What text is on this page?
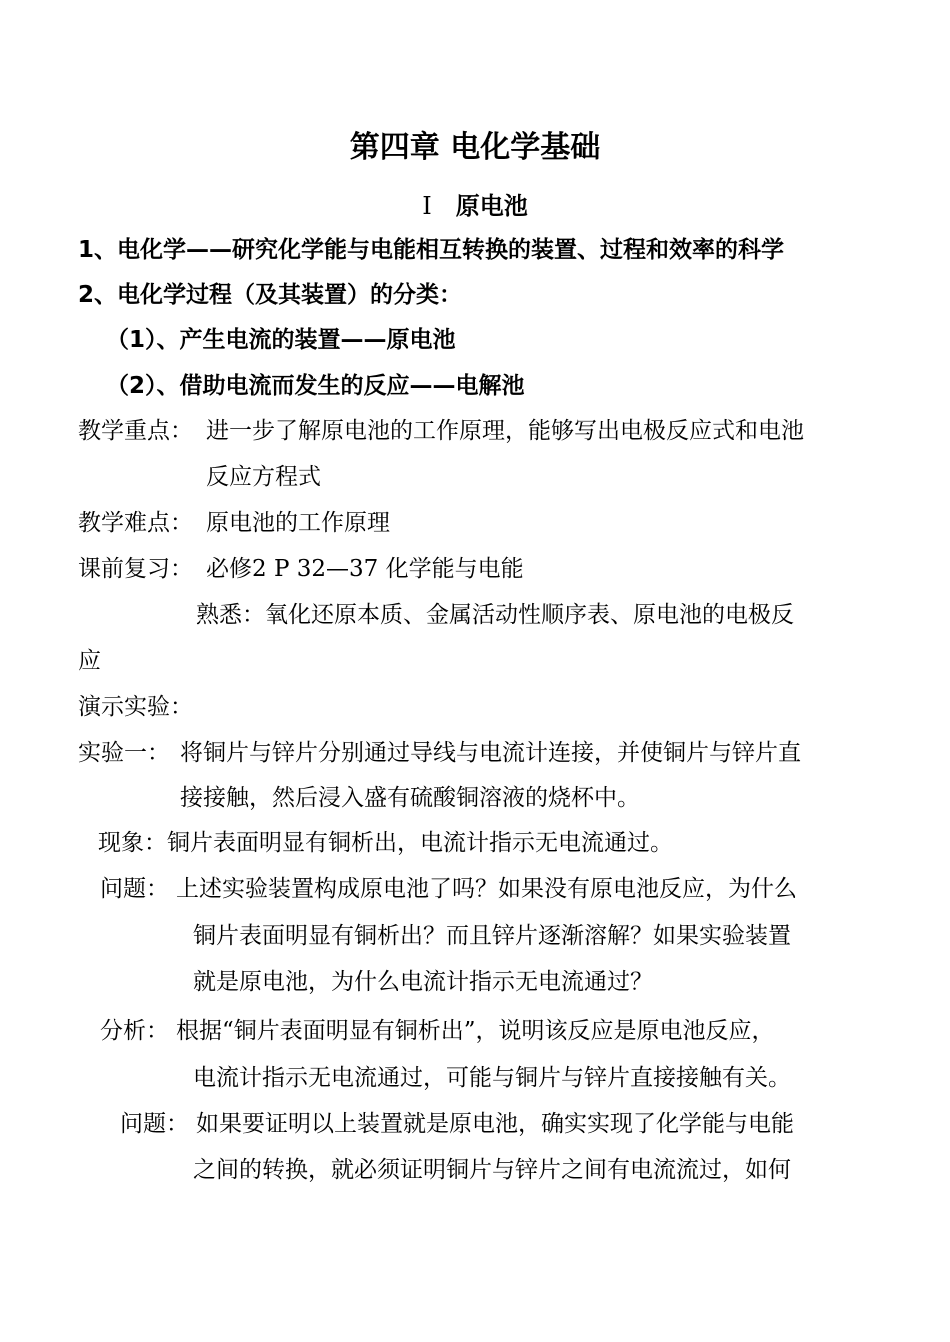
第四章 电化学基础
I 原电池
1、电化学——研究化学能与电能相互转换的装置、过程和效率的科学
2、电化学过程（及其装置）的分类：
（1）、产生电流的装置——原电池
（2）、借助电流而发生的反应——电解池
教学重点： 进一步了解原电池的工作原理，能够写出电极反应式和电池
反应方程式
教学难点： 原电池的工作原理
课前复习： 必修2 P 32—37 化学能与电能
熟悉：氧化还原本质、金属活动性顺序表、原电池的电极反
应
演示实验：
实验一： 将铜片与锌片分别通过导线与电流计连接，并使铜片与锌片直
接接触，然后浸入盛有硫酸铜溶液的烧杯中。
现象：铜片表面明显有铜析出，电流计指示无电流通过。
问题： 上述实验装置构成原电池了吗？如果没有原电池反应，为什么
铜片表面明显有铜析出？而且锌片逐渐溶解？如果实验装置
就是原电池，为什么电流计指示无电流通过？
分析： 根据“铜片表面明显有铜析出”，说明该反应是原电池反应，
电流计指示无电流通过，可能与铜片与锌片直接接触有关。
问题： 如果要证明以上装置就是原电池，确实实现了化学能与电能
之间的转换，就必须证明铜片与锌片之间有电流流过，如何
